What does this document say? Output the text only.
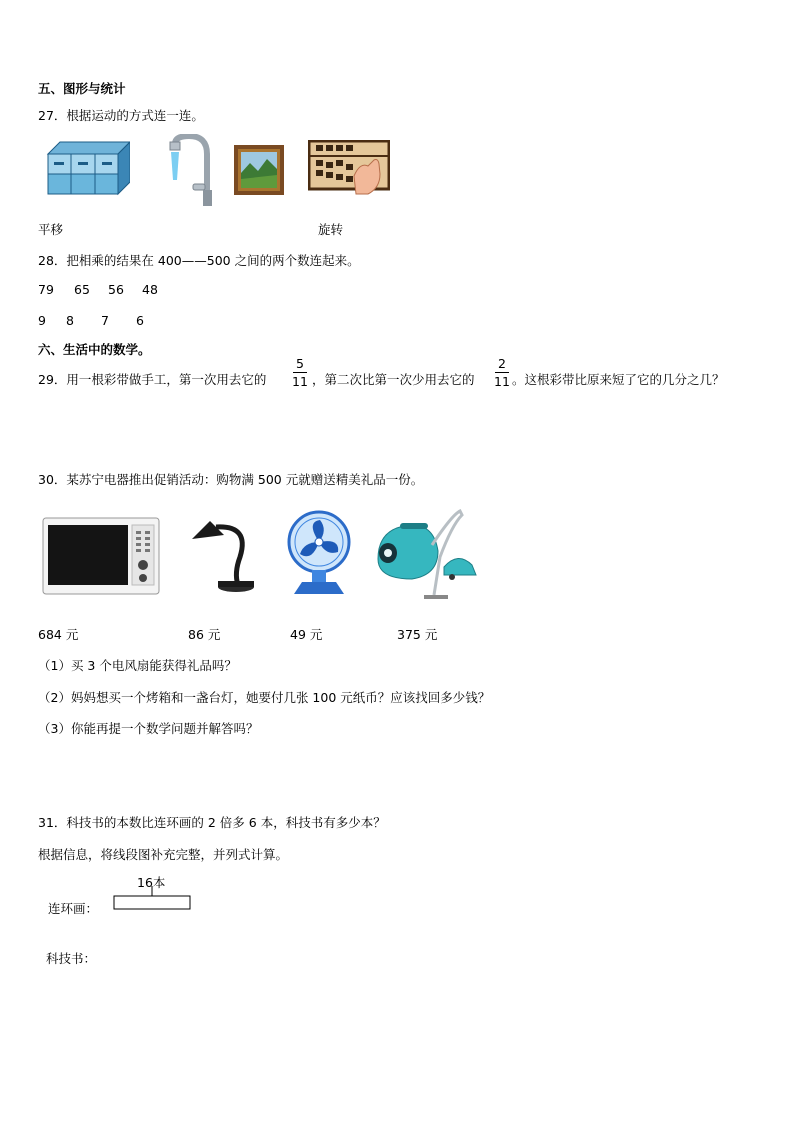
五、图形与统计
27．根据运动的方式连一连。
平移	旋转
28．把相乘的结果在 400——500 之间的两个数连起来。
79 65 56 48
9 8 7 6
六、生活中的数学。
29．用一根彩带做手工，第一次用去它的
5
11 ，第二次比第一次少用去它的
2
11 。这根彩带比原来短了它的几分之几？
30．某苏宁电器推出促销活动：购物满 500 元就赠送精美礼品一份。
684 元	86 元	49 元	375 元
（1）买 3 个电风扇能获得礼品吗？
（2）妈妈想买一个烤箱和一盏台灯，她要付几张 100 元纸币？应该找回多少钱？
（3）你能再提一个数学问题并解答吗？
31．科技书的本数比连环画的 2 倍多 6 本，科技书有多少本？
根据信息，将线段图补充完整，并列式计算。
16本
连环画：
科技书：
